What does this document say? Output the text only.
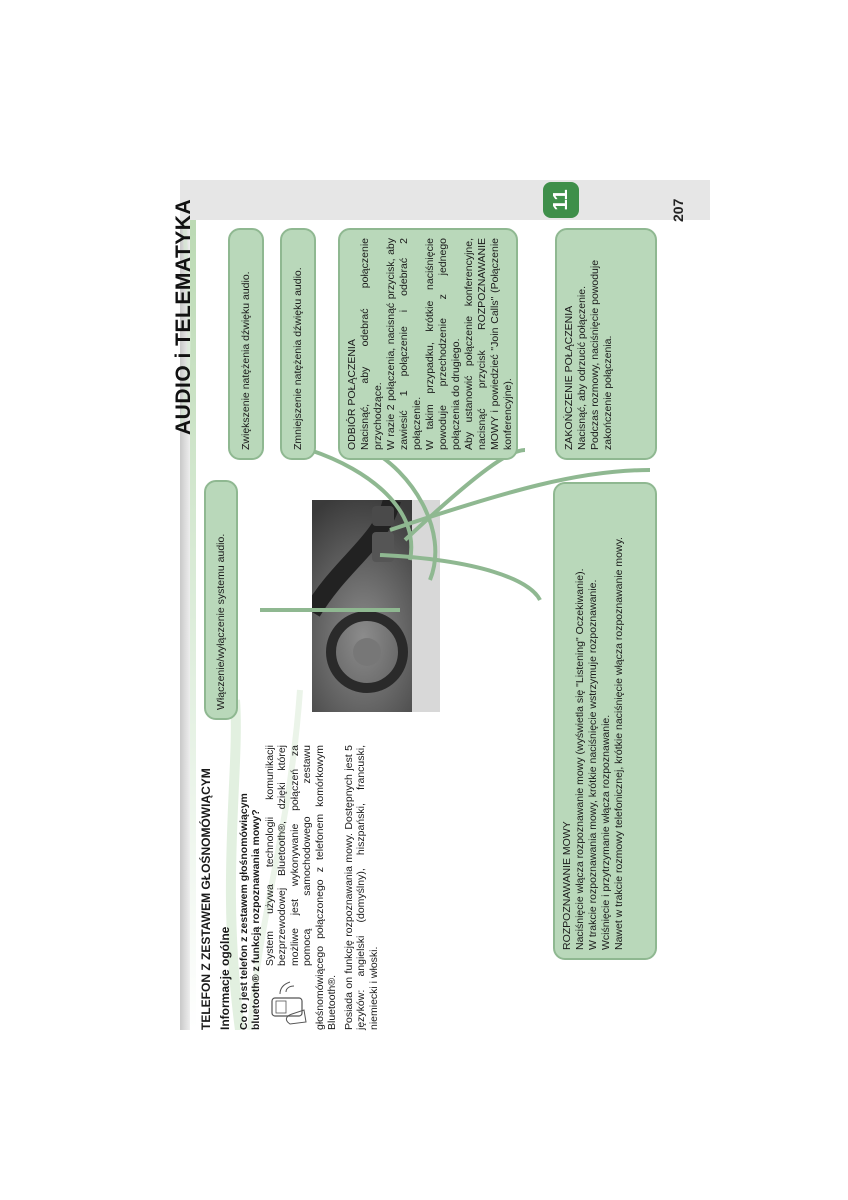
AUDIO i TELEMATYKA	11	207
TELEFON Z ZESTAWEM GŁOŚNOMÓWIĄCYM Informacje ogólne Co to jest telefon z zestawem głośnomówiącym bluetooth® z funkcją rozpoznawania mowy? System używa technologii komunikacji bezprzewodowej Bluetooth®, dzięki której możliwe jest wykonywanie połączeń za pomocą samochodowego zestawu głośnomówiącego połączonego z telefonem komórkowym Bluetooth®. Posiada on funkcję rozpoznawania mowy. Dostępnych jest 5 języków: angielski (domyślny), hiszpański, francuski, niemiecki i włoski.

Włączenie/wyłączenie systemu audio.

Zwiększenie natężenia dźwięku audio.	Zmniejszenie natężenia dźwięku audio.	ODBIÓR POŁĄCZENIA Nacisnąć, aby odebrać połączenie przychodzące.
W razie 2 połączenia, nacisnąć przycisk, aby zawiesić 1 połączenie i odebrać 2 połączenie.
W takim przypadku, krótkie naciśnięcie powoduje przechodzenie z jednego połączenia do drugiego.
Aby ustanowić połączenie konferencyjne, nacisnąć przycisk ROZPOZNAWANIE MOWY i powiedzieć "Join Calls" (Połączenie konferencyjne).	ZAKOŃCZENIE POŁĄCZENIA Nacisnąć, aby odrzucić połączenie.
Podczas rozmowy, naciśnięcie powoduje zakończenie połączenia.

ROZPOZNAWANIE MOWY Naciśnięcie włącza rozpoznawanie mowy (wyświetla się "Listening" Oczekiwanie).
W trakcie rozpoznawania mowy, krótkie naciśnięcie wstrzymuje rozpoznawanie.
Wciśnięcie i przytrzymanie włącza rozpoznawanie.
Nawet w trakcie rozmowy telefonicznej, krótkie naciśnięcie włącza rozpoznawanie mowy.
